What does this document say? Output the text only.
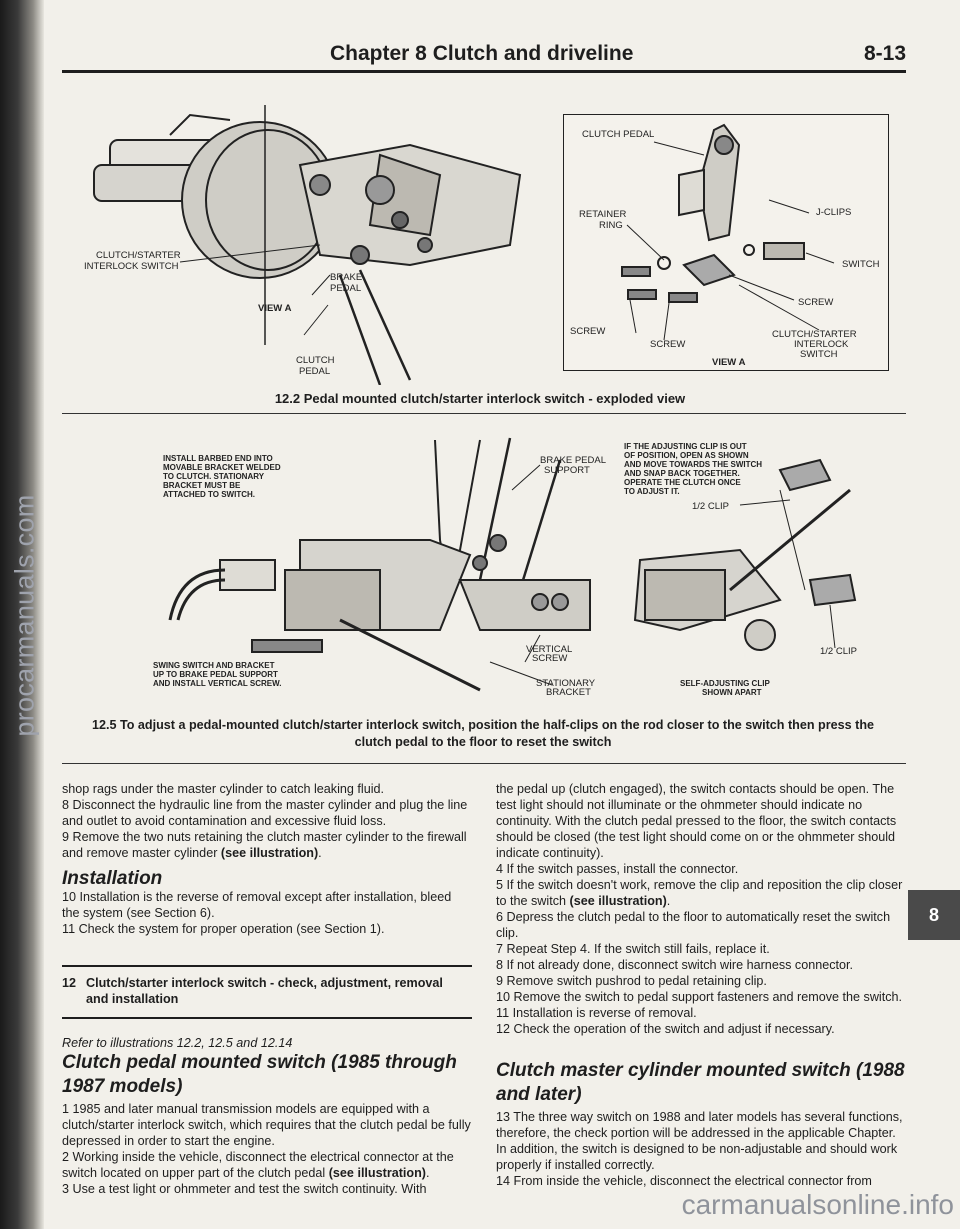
procarmanuals.com
Chapter 8 Clutch and driveline	8-13
CLUTCH/STARTER
INTERLOCK SWITCH
BRAKE
PEDAL
VIEW A
CLUTCH
PEDAL
CLUTCH PEDAL
RETAINER
RING
J-CLIPS
SWITCH
SCREW
SCREW
SCREW
CLUTCH/STARTER
INTERLOCK
SWITCH
VIEW A
12.2 Pedal mounted clutch/starter interlock switch - exploded view
INSTALL BARBED END INTO
MOVABLE BRACKET WELDED
TO CLUTCH. STATIONARY
BRACKET MUST BE
ATTACHED TO SWITCH.
BRAKE PEDAL
SUPPORT
IF THE ADJUSTING CLIP IS OUT
OF POSITION, OPEN AS SHOWN
AND MOVE TOWARDS THE SWITCH
AND SNAP BACK TOGETHER.
OPERATE THE CLUTCH ONCE
TO ADJUST IT.
1/2 CLIP
1/2 CLIP
VERTICAL
SCREW
SWING SWITCH AND BRACKET
UP TO BRAKE PEDAL SUPPORT
AND INSTALL VERTICAL SCREW.	STATIONARY
BRACKET
SELF-ADJUSTING CLIP
SHOWN APART
12.5 To adjust a pedal-mounted clutch/starter interlock switch, position the half-clips on the rod closer to the switch then press the
clutch pedal to the floor to reset the switch

shop rags under the master cylinder to catch leaking fluid.

8 Disconnect the hydraulic line from the master cylinder and plug the line and outlet to avoid contamination and excessive fluid loss.

9 Remove the two nuts retaining the clutch master cylinder to the firewall and remove master cylinder (see illustration).

Installation

10 Installation is the reverse of removal except after installation, bleed the system (see Section 6).

11 Check the system for proper operation (see Section 1).

12 Clutch/starter interlock switch - check, adjustment, removal and installation

Refer to illustrations 12.2, 12.5 and 12.14

Clutch pedal mounted switch (1985 through 1987 models)

1 1985 and later manual transmission models are equipped with a clutch/starter interlock switch, which requires that the clutch pedal be fully depressed in order to start the engine.

2 Working inside the vehicle, disconnect the electrical connector at the switch located on upper part of the clutch pedal (see illustration).

3 Use a test light or ohmmeter and test the switch continuity. With

the pedal up (clutch engaged), the switch contacts should be open. The test light should not illuminate or the ohmmeter should indicate no continuity. With the clutch pedal pressed to the floor, the switch contacts should be closed (the test light should come on or the ohmmeter should indicate continuity).

4 If the switch passes, install the connector.

5 If the switch doesn't work, remove the clip and reposition the clip closer to the switch (see illustration).

6 Depress the clutch pedal to the floor to automatically reset the switch clip.

7 Repeat Step 4. If the switch still fails, replace it.

8 If not already done, disconnect switch wire harness connector.

9 Remove switch pushrod to pedal retaining clip.

10 Remove the switch to pedal support fasteners and remove the switch.

11 Installation is reverse of removal.

12 Check the operation of the switch and adjust if necessary.

Clutch master cylinder mounted switch (1988 and later)

13 The three way switch on 1988 and later models has several functions, therefore, the check portion will be addressed in the applicable Chapter. In addition, the switch is designed to be non-adjustable and should work properly if installed correctly.

14 From inside the vehicle, disconnect the electrical connector from

8
carmanualsonline.info
